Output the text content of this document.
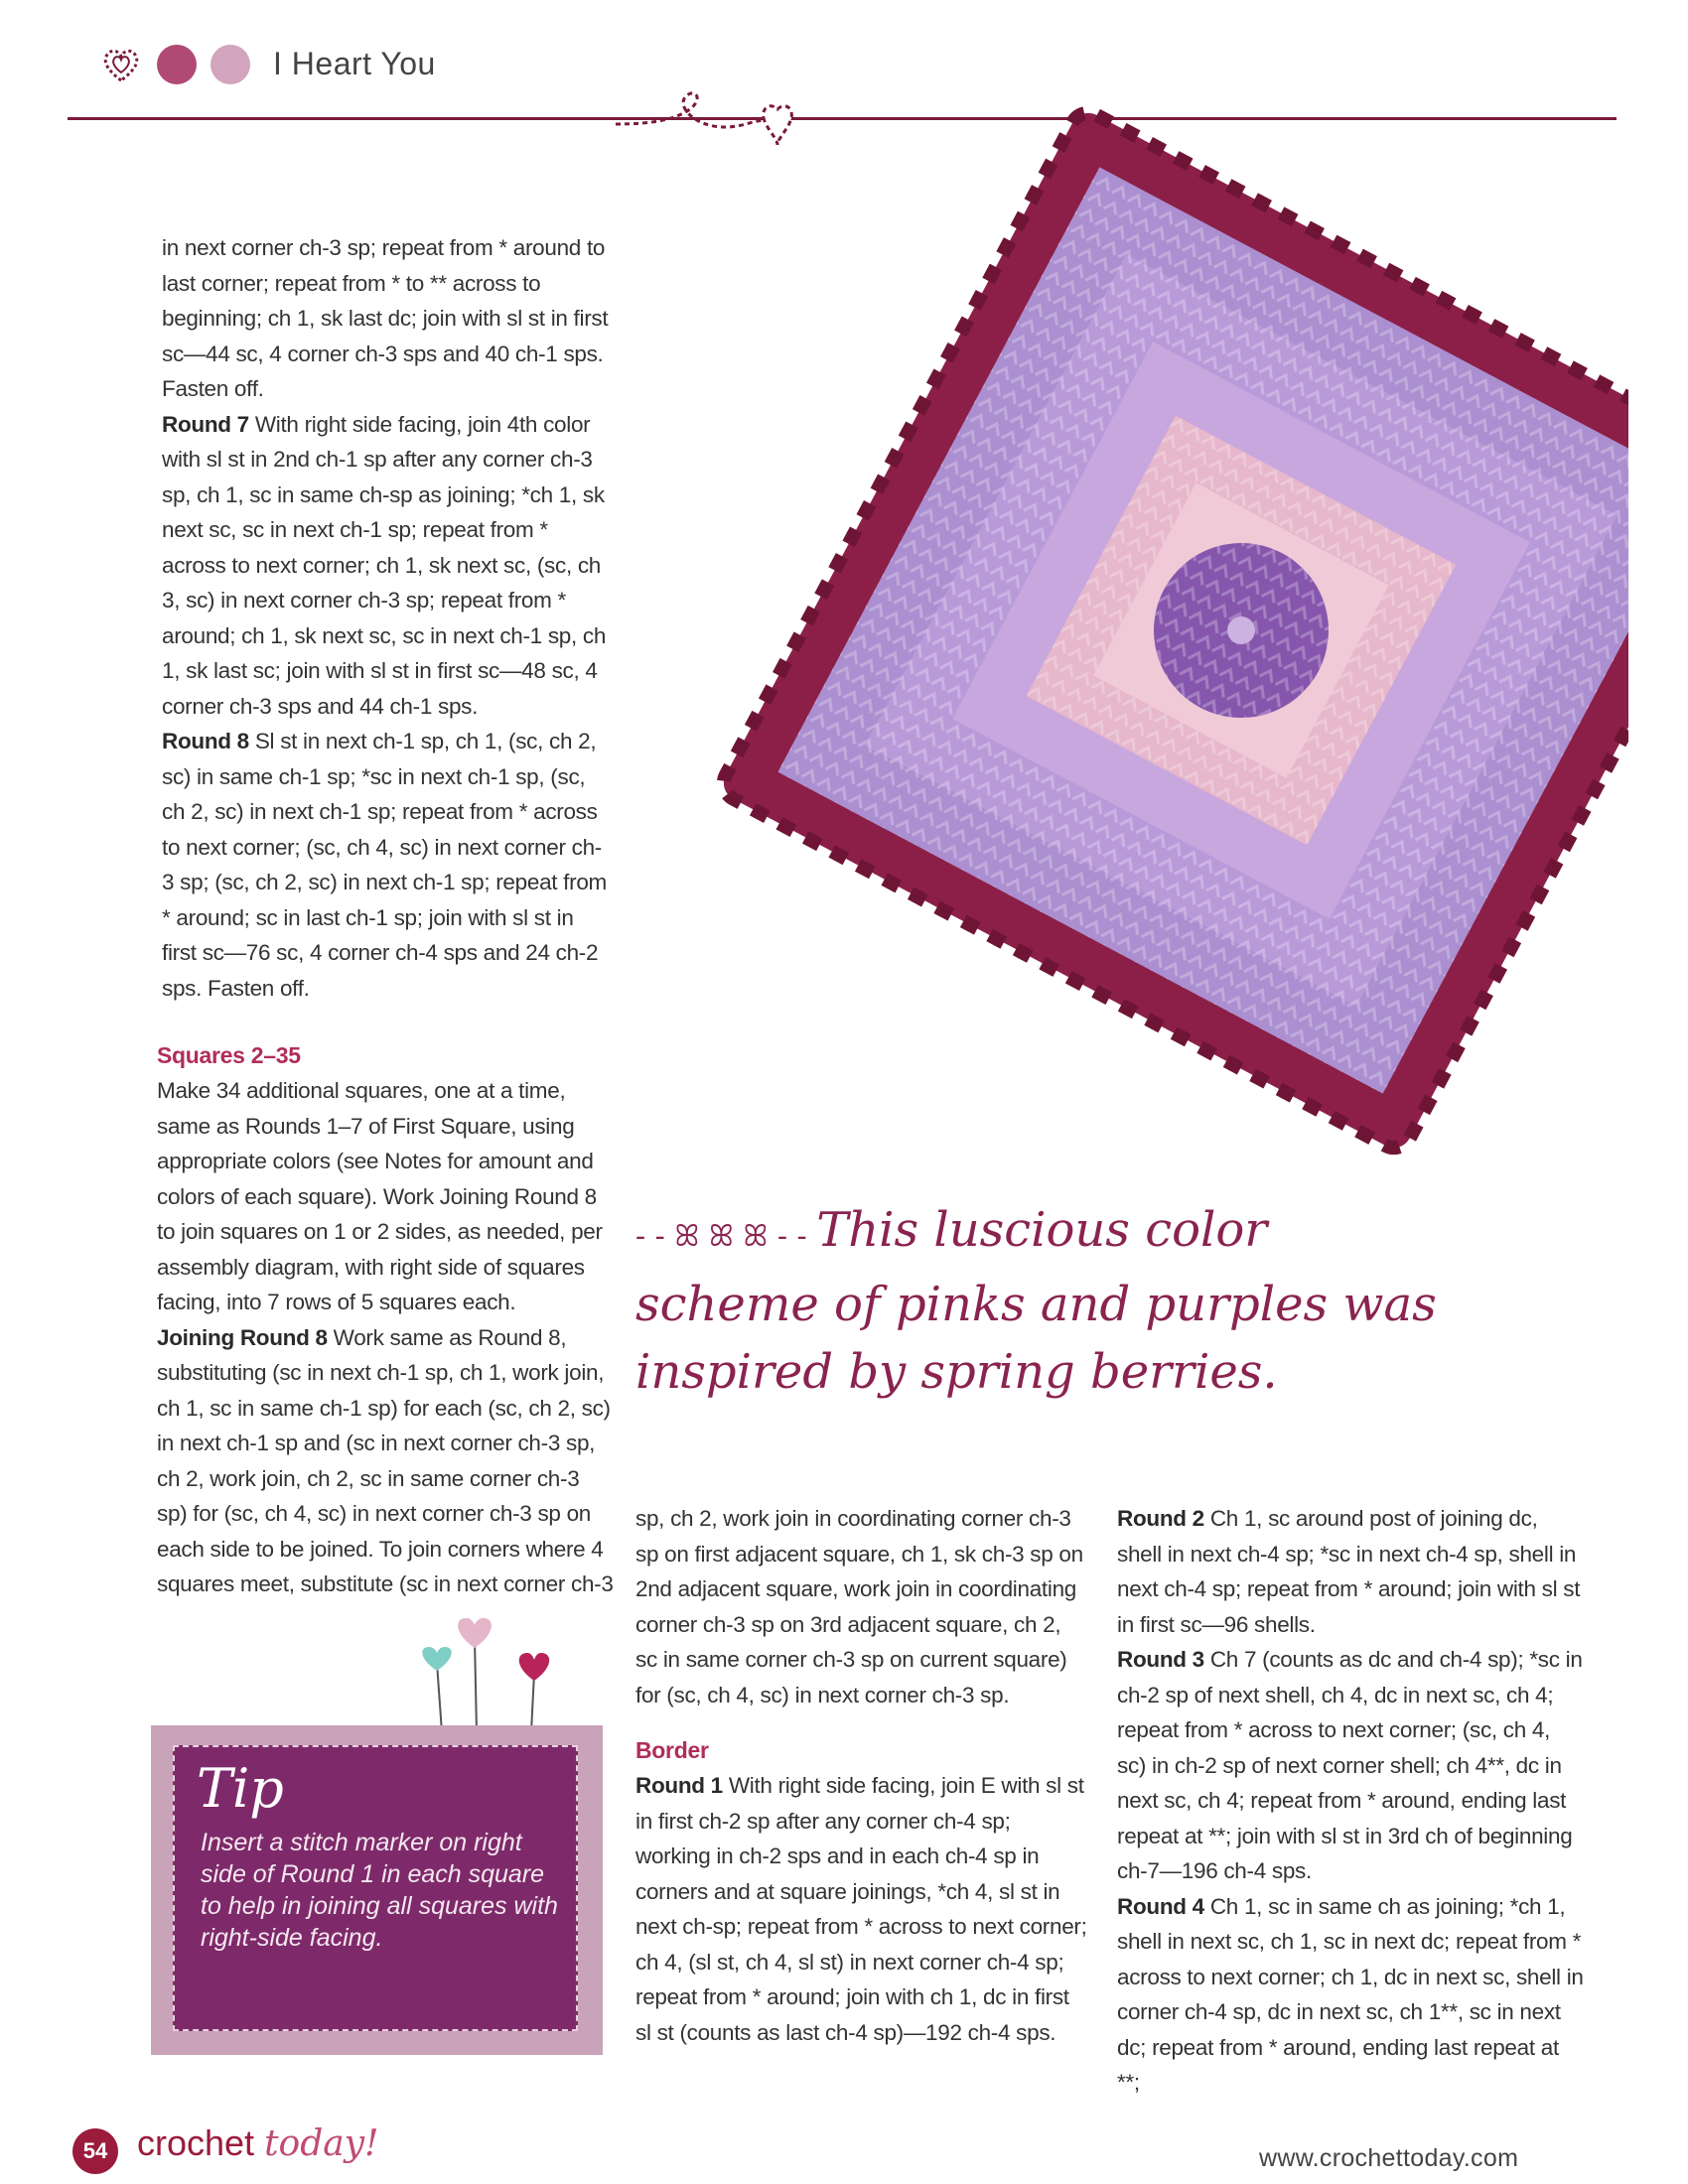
I Heart You

in next corner ch-3 sp; repeat from * around to last corner; repeat from * to ** across to beginning; ch 1, sk last dc; join with sl st in first sc—44 sc, 4 corner ch-3 sps and 40 ch-1 sps. Fasten off.

Round 7 With right side facing, join 4th color with sl st in 2nd ch-1 sp after any corner ch-3 sp, ch 1, sc in same ch-sp as joining; *ch 1, sk next sc, sc in next ch-1 sp; repeat from * across to next corner; ch 1, sk next sc, (sc, ch 3, sc) in next corner ch-3 sp; repeat from * around; ch 1, sk next sc, sc in next ch-1 sp, ch 1, sk last sc; join with sl st in first sc—48 sc, 4 corner ch-3 sps and 44 ch-1 sps.

Round 8 Sl st in next ch-1 sp, ch 1, (sc, ch 2, sc) in same ch-1 sp; *sc in next ch-1 sp, (sc, ch 2, sc) in next ch-1 sp; repeat from * across to next corner; (sc, ch 4, sc) in next corner ch-3 sp; (sc, ch 2, sc) in next ch-1 sp; repeat from * around; sc in last ch-1 sp; join with sl st in first sc—76 sc, 4 corner ch-4 sps and 24 ch-2 sps. Fasten off.

Squares 2–35

Make 34 additional squares, one at a time, same as Rounds 1–7 of First Square, using appropriate colors (see Notes for amount and colors of each square). Work Joining Round 8 to join squares on 1 or 2 sides, as needed, per assembly diagram, with right side of squares facing, into 7 rows of 5 squares each.

Joining Round 8 Work same as Round 8, substituting (sc in next ch-1 sp, ch 1, work join, ch 1, sc in same ch-1 sp) for each (sc, ch 2, sc) in next ch-1 sp and (sc in next corner ch-3 sp, ch 2, work join, ch 2, sc in same corner ch-3 sp) for (sc, ch 4, sc) in next corner ch-3 sp on each side to be joined. To join corners where 4 squares meet, substitute (sc in next corner ch-3

- - ꕤ ꕤ ꕤ - - This luscious color
scheme of pinks and purples was
inspired by spring berries.

sp, ch 2, work join in coordinating corner ch-3 sp on first adjacent square, ch 1, sk ch-3 sp on 2nd adjacent square, work join in coordinating corner ch-3 sp on 3rd adjacent square, ch 2, sc in same corner ch-3 sp on current square) for (sc, ch 4, sc) in next corner ch-3 sp.

Border

Round 1 With right side facing, join E with sl st in first ch-2 sp after any corner ch-4 sp; working in ch-2 sps and in each ch-4 sp in corners and at square joinings, *ch 4, sl st in next ch-sp; repeat from * across to next corner; ch 4, (sl st, ch 4, sl st) in next corner ch-4 sp; repeat from * around; join with ch 1, dc in first sl st (counts as last ch-4 sp)—192 ch-4 sps.

Round 2 Ch 1, sc around post of joining dc, shell in next ch-4 sp; *sc in next ch-4 sp, shell in next ch-4 sp; repeat from * around; join with sl st in first sc—96 shells.

Round 3 Ch 7 (counts as dc and ch-4 sp); *sc in ch-2 sp of next shell, ch 4, dc in next sc, ch 4; repeat from * across to next corner; (sc, ch 4, sc) in ch-2 sp of next corner shell; ch 4**, dc in next sc, ch 4; repeat from * around, ending last repeat at **; join with sl st in 3rd ch of beginning ch-7—196 ch-4 sps.

Round 4 Ch 1, sc in same ch as joining; *ch 1, shell in next sc, ch 1, sc in next dc; repeat from * across to next corner; ch 1, dc in next sc, shell in corner ch-4 sp, dc in next sc, ch 1**, sc in next dc; repeat from * around, ending last repeat at **;

Tip
Insert a stitch marker on right side of Round 1 in each square to help in joining all squares with right-side facing.
54 crochet today!	www.crochettoday.com
